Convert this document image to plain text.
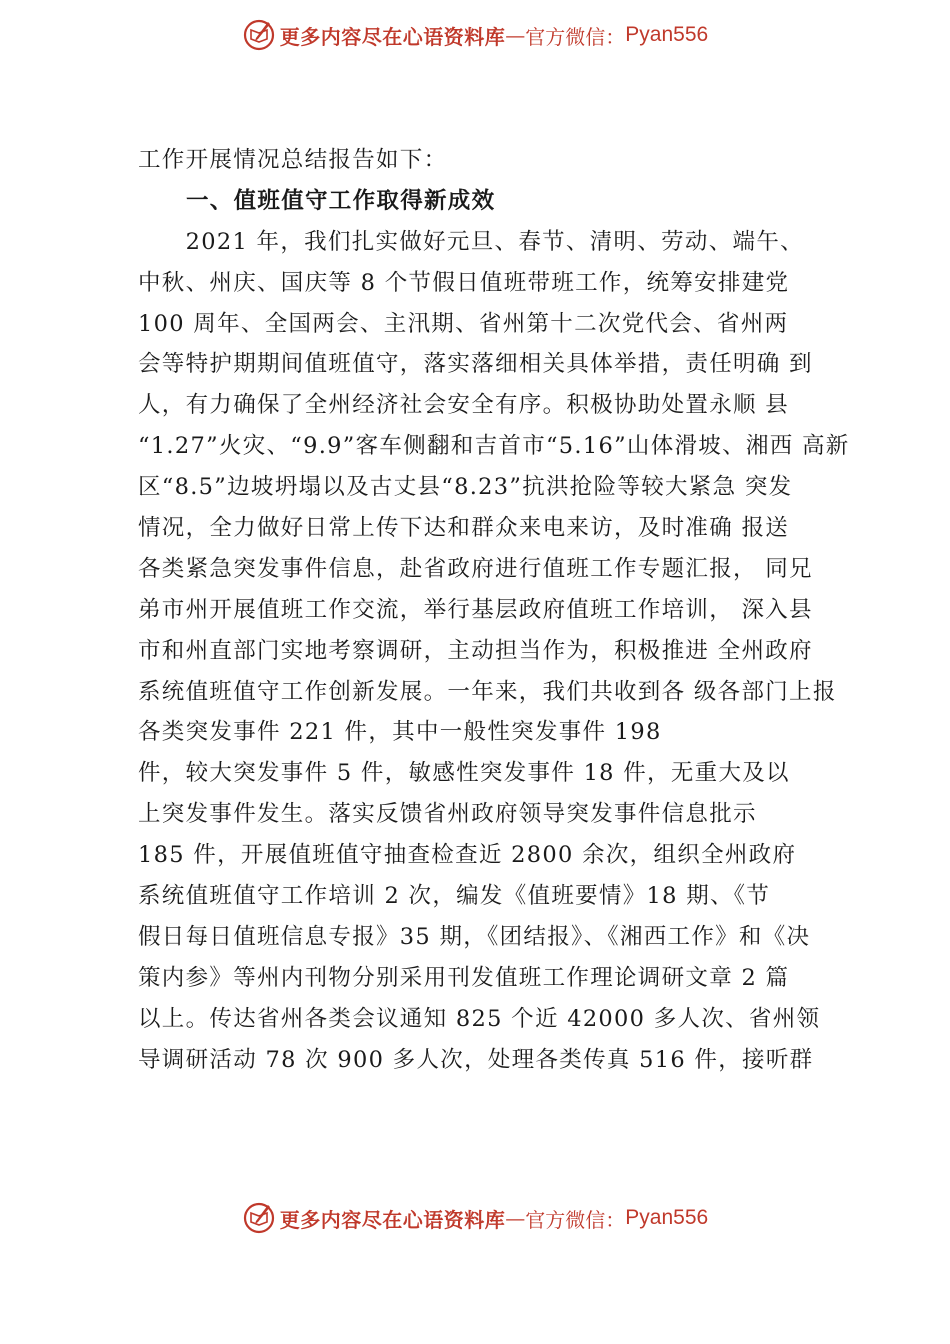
更多内容尽在心语资料库 — 官方微信： Pyan556
工作开展情况总结报告如下：
一、值班值守工作取得新成效
　　2021 年，我们扎实做好元旦、春节、清明、劳动、端午、
中秋、州庆、国庆等 8 个节假日值班带班工作，统筹安排建党
100 周年、全国两会、主汛期、省州第十二次党代会、省州两
会等特护期期间值班值守，落实落细相关具体举措，责任明确 到
人，有力确保了全州经济社会安全有序。积极协助处置永顺 县
“1.27”火灾、“9.9”客车侧翻和吉首市“5.16”山体滑坡、湘西 高新
区“8.5”边坡坍塌以及古丈县“8.23”抗洪抢险等较大紧急 突发
情况，全力做好日常上传下达和群众来电来访，及时准确 报送
各类紧急突发事件信息，赴省政府进行值班工作专题汇报， 同兄
弟市州开展值班工作交流，举行基层政府值班工作培训， 深入县
市和州直部门实地考察调研，主动担当作为，积极推进 全州政府
系统值班值守工作创新发展。一年来，我们共收到各 级各部门上报
各类突发事件 221 件，其中一般性突发事件 198
件，较大突发事件 5 件，敏感性突发事件 18 件，无重大及以
上突发事件发生。落实反馈省州政府领导突发事件信息批示
185 件，开展值班值守抽查检查近 2800 余次，组织全州政府
系统值班值守工作培训 2 次，编发《值班要情》18 期、《节
假日每日值班信息专报》35 期，《团结报》、《湘西工作》和《决
策内参》等州内刊物分别采用刊发值班工作理论调研文章 2 篇
以上。传达省州各类会议通知 825 个近 42000 多人次、省州领
导调研活动 78 次 900 多人次，处理各类传真 516 件，接听群
更多内容尽在心语资料库 — 官方微信： Pyan556
